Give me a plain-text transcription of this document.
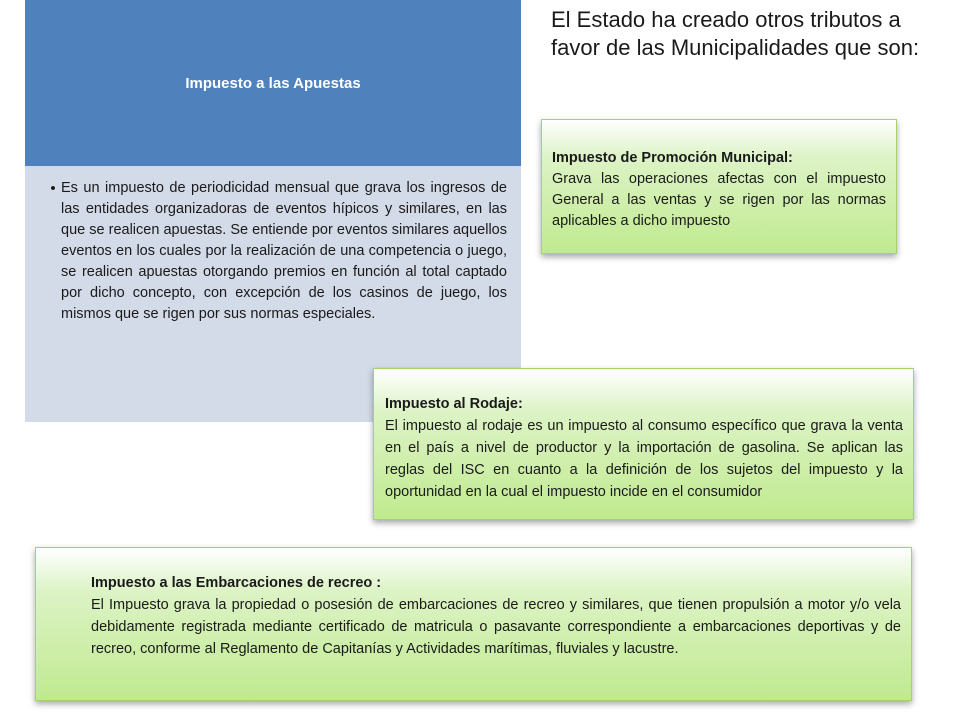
Impuesto a las Apuestas
• Es un impuesto de periodicidad mensual que grava los ingresos de las entidades organizadoras de eventos hípicos y similares, en las que se realicen apuestas. Se entiende por eventos similares aquellos eventos en los cuales por la realización de una competencia o juego, se realicen apuestas otorgando premios en función al total captado por dicho concepto, con excepción de los casinos de juego, los mismos que se rigen por sus normas especiales.

El Estado ha creado otros tributos a favor de las Municipalidades que son:
Impuesto de Promoción Municipal:

Grava las operaciones afectas con el impuesto General a las ventas y se rigen por las normas aplicables a dicho impuesto

Impuesto al Rodaje:

El impuesto al rodaje es un impuesto al consumo específico que grava la venta en el país a nivel de productor y la importación de gasolina. Se aplican las reglas del ISC en cuanto a la definición de los sujetos del impuesto y la oportunidad en la cual el impuesto incide en el consumidor

Impuesto a las Embarcaciones de recreo :

El Impuesto grava la propiedad o posesión de embarcaciones de recreo y similares, que tienen propulsión a motor y/o vela debidamente registrada mediante certificado de matricula o pasavante correspondiente a embarcaciones deportivas y de recreo, conforme al Reglamento de Capitanías y Actividades marítimas, fluviales y lacustre.
